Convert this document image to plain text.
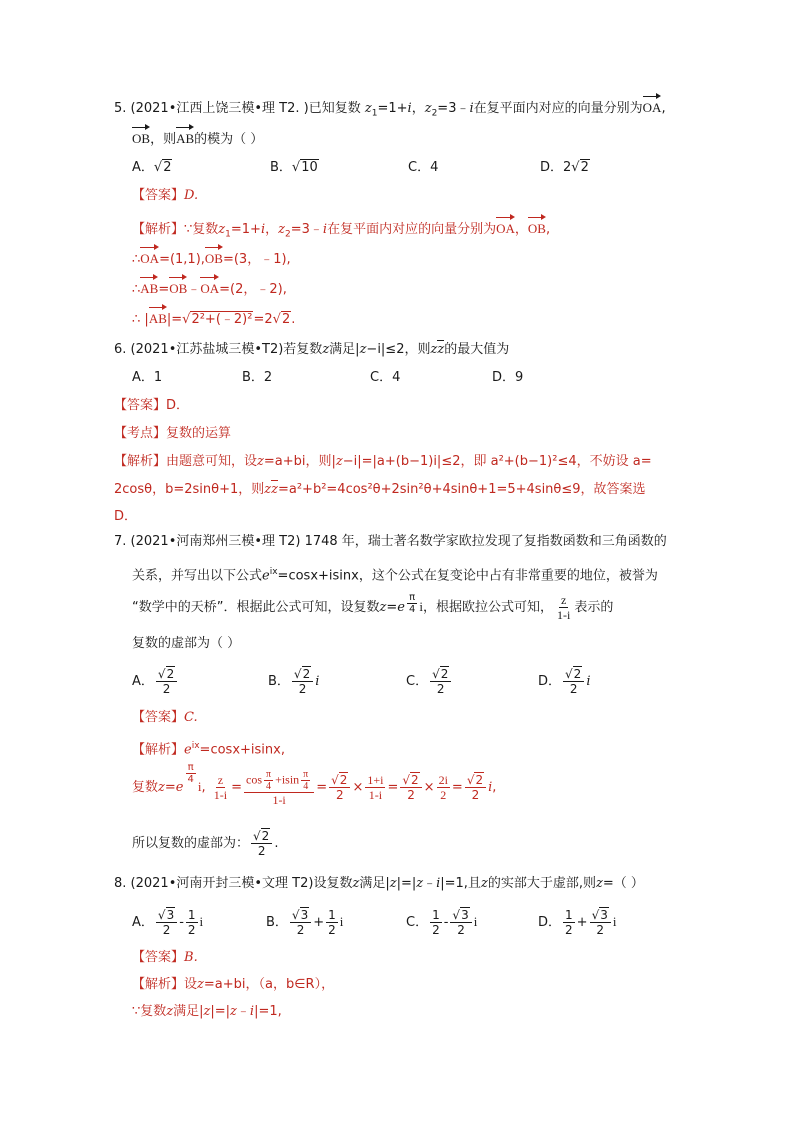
5. (2021•江西上饶三模•理 T2. )已知复数 $z_1=1+i$，$z_2=3﹣i$在复平面内对应的向量分别为OA,
OB，则AB的模为（ ）
A．√2	B．√10	C．4	D．2√2
【答案】D.
【解析】∵复数$z_1=1+i$，$z_2=3﹣i$在复平面内对应的向量分别为OA，OB,
∴OA=(1,1),OB=(3，﹣1),
∴AB=OB﹣OA=(2，﹣2),
∴ |AB|=√2²+(﹣2)²=2√2.
6. (2021•江苏盐城三模•T2)若复数z满足|z−i|≤2，则zz的最大值为
A．1	B．2	C．4	D．9
【答案】D．
【考点】复数的运算
【解析】由题意可知，设z=a+bi，则|z−i|=|a+(b−1)i|≤2，即 a²+(b−1)²≤4，不妨设 a=
2cosθ，b=2sinθ+1，则zz=a²+b²=4cos²θ+2sin²θ+4sinθ+1=5+4sinθ≤9，故答案选
D．
7. (2021•河南郑州三模•理 T2) 1748 年，瑞士著名数学家欧拉发现了复指数函数和三角函数的
关系，并写出以下公式$e^{ix}=\cos x+isinx$，这个公式在复变论中占有非常重要的地位，被誉为
“数学中的天桥”．根据此公式可知，设复数$z=e \frac{\pi}{4}$ i，根据欧拉公式可知， $\frac{z}{1-i}$ 表示的
复数的虚部为（ ）
A． $\frac{√2}{2}$	B． $\frac{√2}{2}$ i	C． $\frac{√2}{2}$	D． $\frac{√2}{2}$ i
【答案】C.
【解析】$e^{ix}=\cos x+isinx$,
复数z=e
$\frac{\pi}{4}$
i, $\frac{z}{1-i} = \frac{\cos \frac{\pi}{4} +isin \frac{\pi}{4}}{1-i} = \frac{√2}{2} \times \frac{1+i}{1-i} = \frac{√2}{2} \times \frac{2i}{2} = \frac{√2}{2} i$,
所以复数的虚部为： $\frac{√2}{2}$ .
8. (2021•河南开封三模•文理 T2)设复数z满足|z|=|z﹣i|=1,且z的实部大于虚部,则z=（ ）
A． $\frac{√3}{2} - \frac{1}{2}$ i	B． $\frac{√3}{2} + \frac{1}{2}$ i	C． $\frac{1}{2} - \frac{√3}{2}$ i	D． $\frac{1}{2} + \frac{√3}{2}$ i
【答案】B.
【解析】设z=a+bi，（a，b∈R），
∵复数z满足|z|=|z﹣i|=1,
